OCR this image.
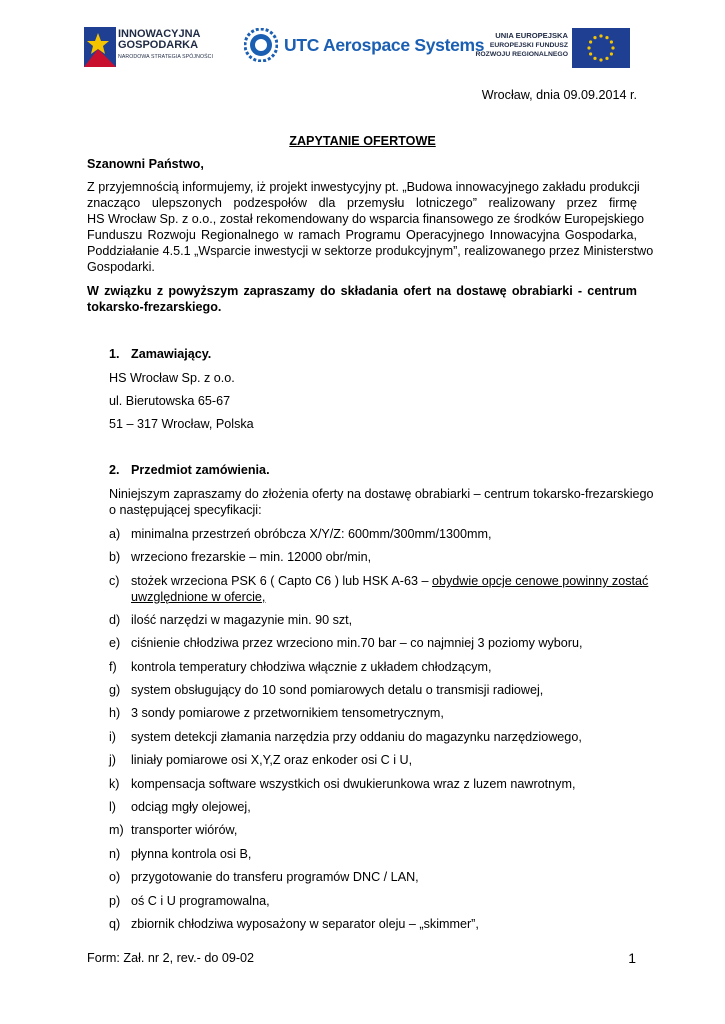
INNOWACYJNA
GOSPODARKA
NARODOWA STRATEGIA SPÓJNOŚCI
UTC Aerospace Systems	UNIA EUROPEJSKA
EUROPEJSKI FUNDUSZ
ROZWOJU REGIONALNEGO
Wrocław, dnia 09.09.2014 r.
ZAPYTANIE OFERTOWE
Szanowni Państwo,
Z przyjemnością informujemy, iż projekt inwestycyjny pt. „Budowa innowacyjnego zakładu produkcji
znacząco ulepszonych podzespołów dla przemysłu lotniczego” realizowany przez firmę
HS Wrocław Sp. z o.o., został rekomendowany do wsparcia finansowego ze środków Europejskiego
Funduszu Rozwoju Regionalnego w ramach Programu Operacyjnego Innowacyjna Gospodarka,
Poddziałanie 4.5.1 „Wsparcie inwestycji w sektorze produkcyjnym”, realizowanego przez Ministerstwo
Gospodarki.
W związku z powyższym zapraszamy do składania ofert na dostawę obrabiarki - centrum
tokarsko-frezarskiego.
1. Zamawiający.
HS Wrocław Sp. z o.o.
ul. Bierutowska 65-67
51 – 317 Wrocław, Polska
2. Przedmiot zamówienia.
Niniejszym zapraszamy do złożenia oferty na dostawę obrabiarki – centrum tokarsko-frezarskiego
o następującej specyfikacji:
a) minimalna przestrzeń obróbcza X/Y/Z: 600mm/300mm/1300mm,
b) wrzeciono frezarskie – min. 12000 obr/min,
c) stożek wrzeciona PSK 6 ( Capto C6 ) lub HSK A-63 – obydwie opcje cenowe powinny zostać
uwzględnione w ofercie,
d) ilość narzędzi w magazynie min. 90 szt,
e) ciśnienie chłodziwa przez wrzeciono min.70 bar – co najmniej 3 poziomy wyboru,
f) kontrola temperatury chłodziwa włącznie z układem chłodzącym,
g) system obsługujący do 10 sond pomiarowych detalu o transmisji radiowej,
h) 3 sondy pomiarowe z przetwornikiem tensometrycznym,
i) system detekcji złamania narzędzia przy oddaniu do magazynku narzędziowego,
j) liniały pomiarowe osi X,Y,Z oraz enkoder osi C i U,
k) kompensacja software wszystkich osi dwukierunkowa wraz z luzem nawrotnym,
l) odciąg mgły olejowej,
m) transporter wiórów,
n) płynna kontrola osi B,
o) przygotowanie do transferu programów DNC / LAN,
p) oś C i U programowalna,
q) zbiornik chłodziwa wyposażony w separator oleju – „skimmer”,
Form: Zał. nr 2, rev.- do 09-02	1
